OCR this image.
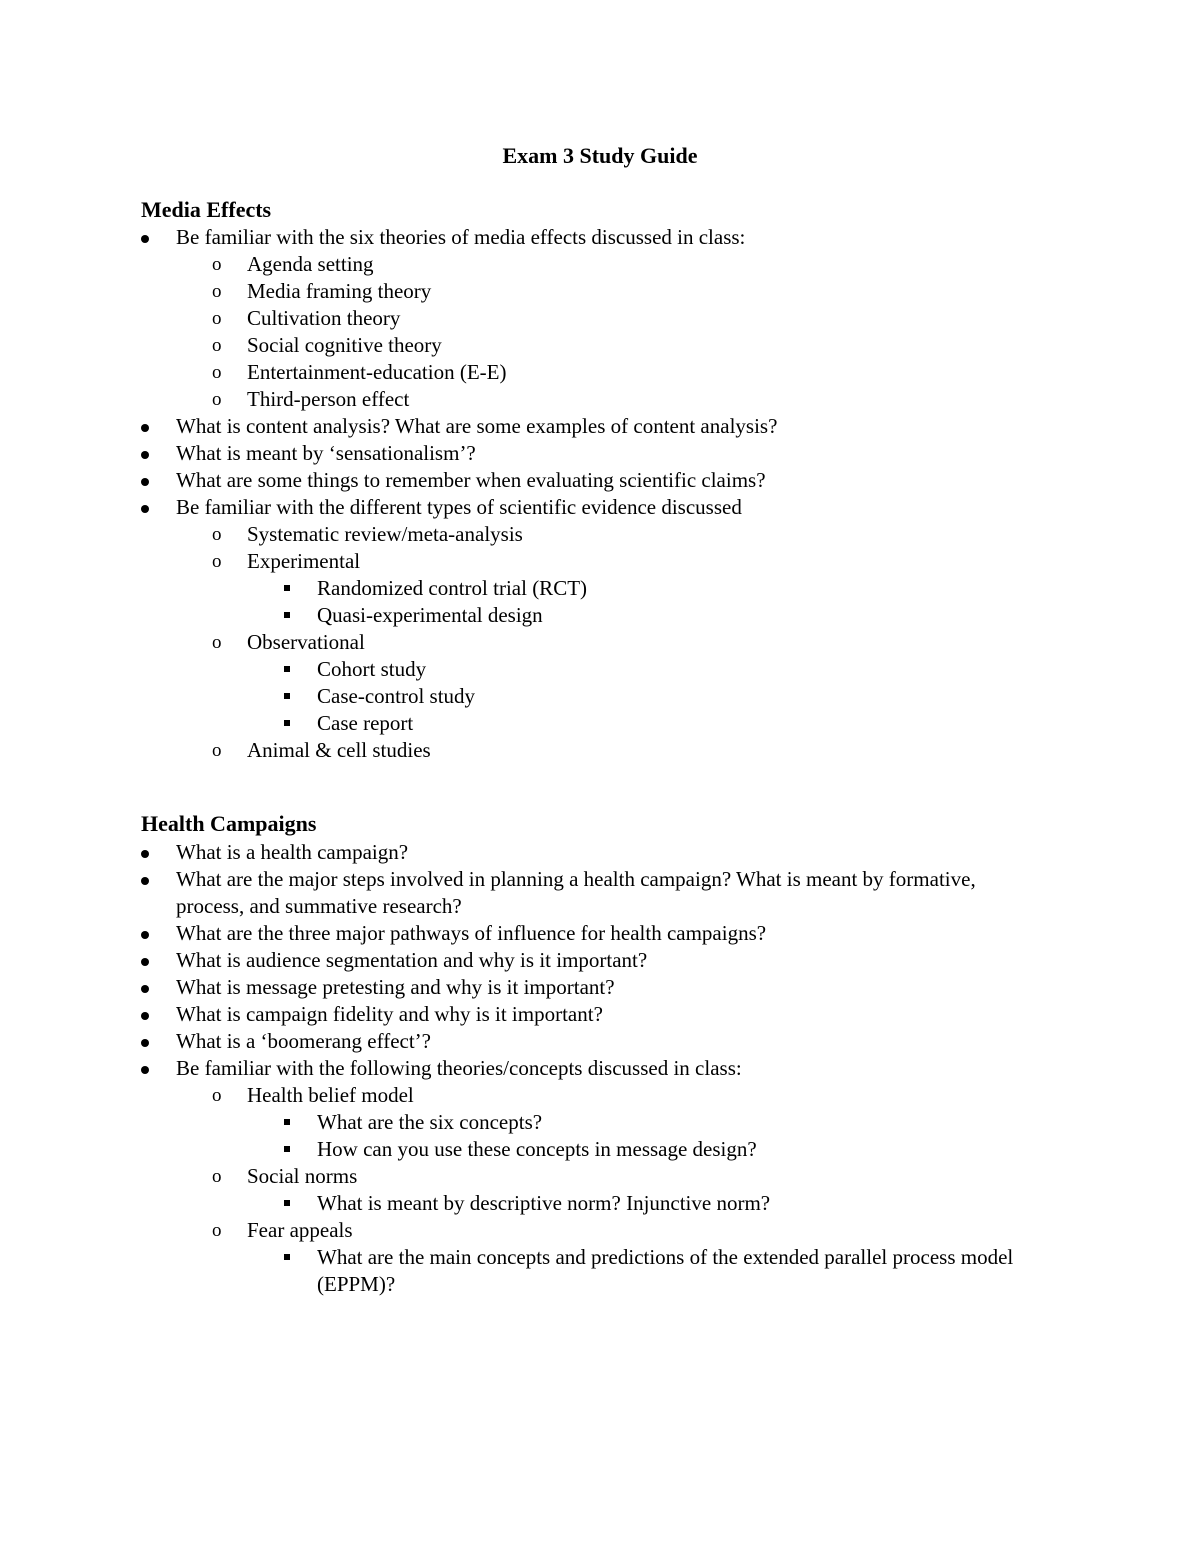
Exam 3 Study Guide
Media Effects
Be familiar with the six theories of media effects discussed in class:
o Agenda setting
o Media framing theory
o Cultivation theory
o Social cognitive theory
o Entertainment-education (E-E)
o Third-person effect
What is content analysis? What are some examples of content analysis?
What is meant by ‘sensationalism’?
What are some things to remember when evaluating scientific claims?
Be familiar with the different types of scientific evidence discussed
o Systematic review/meta-analysis
o Experimental
Randomized control trial (RCT)
Quasi-experimental design
o Observational
Cohort study
Case-control study
Case report
o Animal & cell studies
Health Campaigns
What is a health campaign?
What are the major steps involved in planning a health campaign? What is meant by formative, process, and summative research?
What are the three major pathways of influence for health campaigns?
What is audience segmentation and why is it important?
What is message pretesting and why is it important?
What is campaign fidelity and why is it important?
What is a ‘boomerang effect’?
Be familiar with the following theories/concepts discussed in class:
o Health belief model
What are the six concepts?
How can you use these concepts in message design?
o Social norms
What is meant by descriptive norm? Injunctive norm?
o Fear appeals
What are the main concepts and predictions of the extended parallel process model (EPPM)?
